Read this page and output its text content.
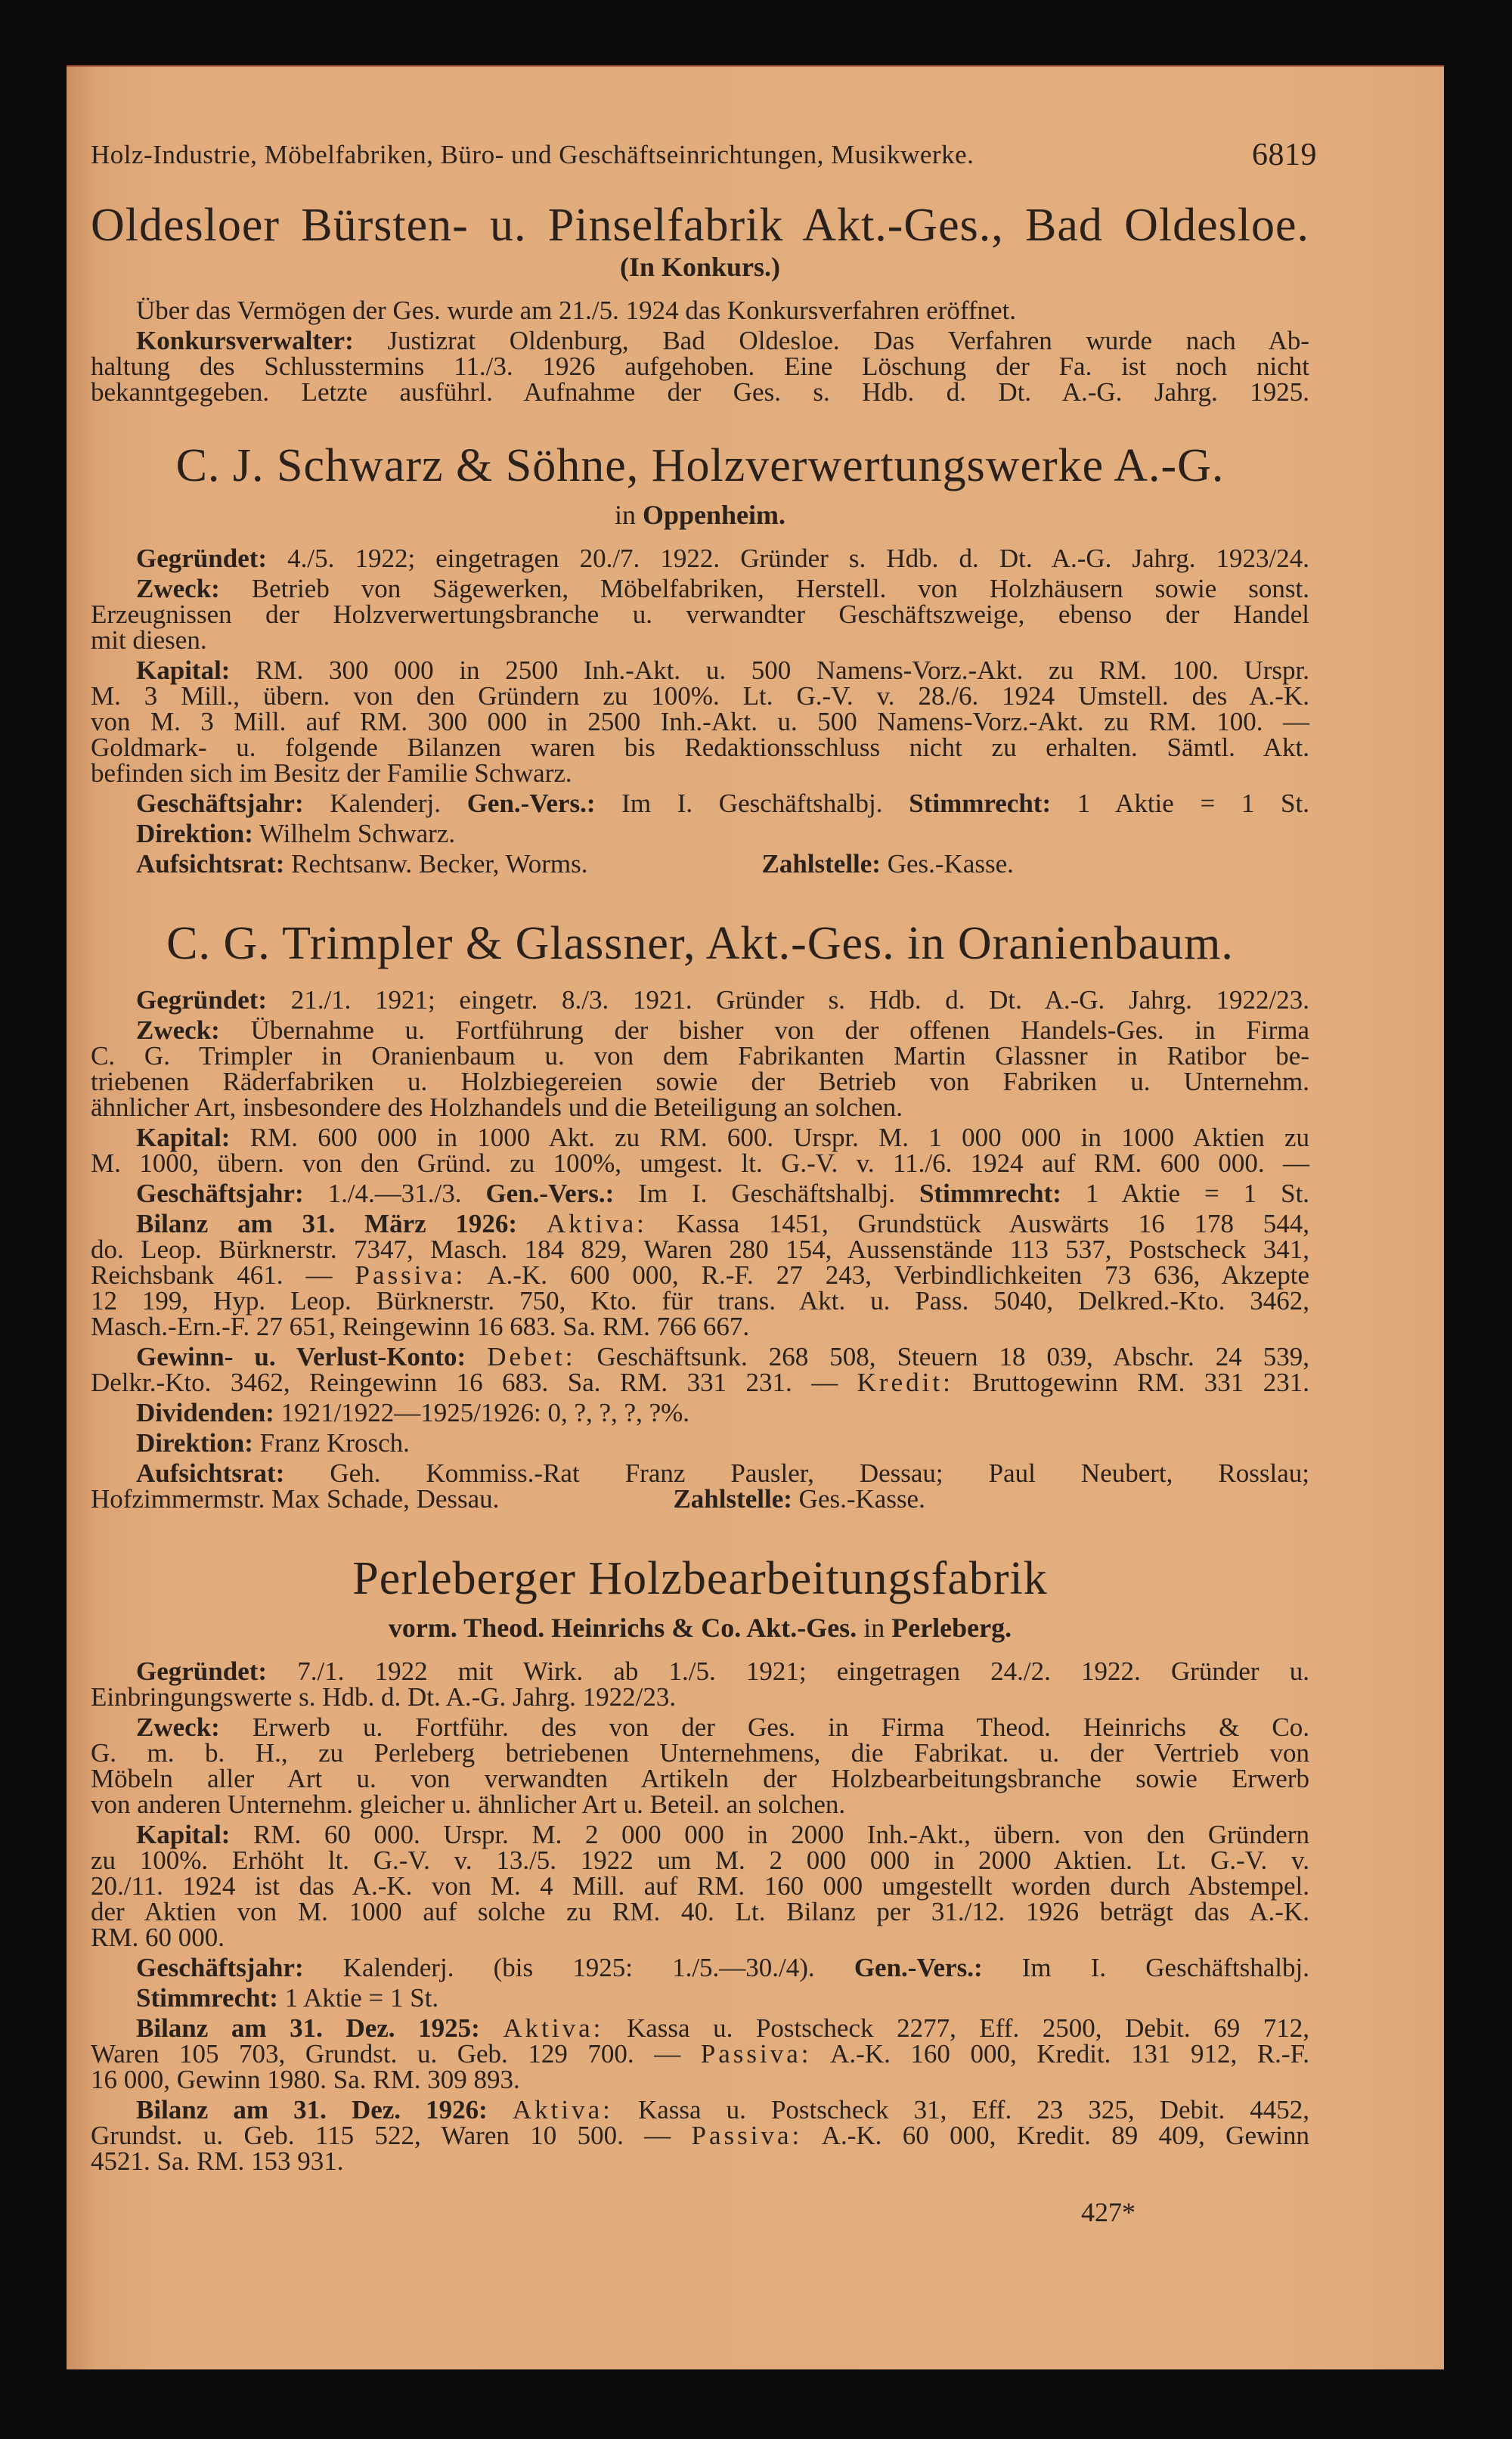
Holz-Industrie, Möbelfabriken, Büro- und Geschäftseinrichtungen, Musikwerke.	6819
Oldesloer Bürsten- u. Pinselfabrik Akt.-Ges., Bad Oldesloe.
(In Konkurs.)
Über das Vermögen der Ges. wurde am 21./5. 1924 das Konkursverfahren eröffnet.
Konkursverwalter: Justizrat Oldenburg, Bad Oldesloe. Das Verfahren wurde nach Ab-
haltung des Schlusstermins 11./3. 1926 aufgehoben. Eine Löschung der Fa. ist noch nicht
bekanntgegeben. Letzte ausführl. Aufnahme der Ges. s. Hdb. d. Dt. A.-G. Jahrg. 1925.
C. J. Schwarz & Söhne, Holzverwertungswerke A.-G.
in Oppenheim.
Gegründet: 4./5. 1922; eingetragen 20./7. 1922. Gründer s. Hdb. d. Dt. A.-G. Jahrg. 1923/24.
Zweck: Betrieb von Sägewerken, Möbelfabriken, Herstell. von Holzhäusern sowie sonst.
Erzeugnissen der Holzverwertungsbranche u. verwandter Geschäftszweige, ebenso der Handel
mit diesen.
Kapital: RM. 300 000 in 2500 Inh.-Akt. u. 500 Namens-Vorz.-Akt. zu RM. 100. Urspr.
M. 3 Mill., übern. von den Gründern zu 100%. Lt. G.-V. v. 28./6. 1924 Umstell. des A.-K.
von M. 3 Mill. auf RM. 300 000 in 2500 Inh.-Akt. u. 500 Namens-Vorz.-Akt. zu RM. 100. —
Goldmark- u. folgende Bilanzen waren bis Redaktionsschluss nicht zu erhalten. Sämtl. Akt.
befinden sich im Besitz der Familie Schwarz.
Geschäftsjahr: Kalenderj. Gen.-Vers.: Im I. Geschäftshalbj. Stimmrecht: 1 Aktie = 1 St.
Direktion: Wilhelm Schwarz.
Aufsichtsrat: Rechtsanw. Becker, Worms.	Zahlstelle: Ges.-Kasse.
C. G. Trimpler & Glassner, Akt.-Ges. in Oranienbaum.
Gegründet: 21./1. 1921; eingetr. 8./3. 1921. Gründer s. Hdb. d. Dt. A.-G. Jahrg. 1922/23.
Zweck: Übernahme u. Fortführung der bisher von der offenen Handels-Ges. in Firma
C. G. Trimpler in Oranienbaum u. von dem Fabrikanten Martin Glassner in Ratibor be-
triebenen Räderfabriken u. Holzbiegereien sowie der Betrieb von Fabriken u. Unternehm.
ähnlicher Art, insbesondere des Holzhandels und die Beteiligung an solchen.
Kapital: RM. 600 000 in 1000 Akt. zu RM. 600. Urspr. M. 1 000 000 in 1000 Aktien zu
M. 1000, übern. von den Gründ. zu 100%, umgest. lt. G.-V. v. 11./6. 1924 auf RM. 600 000. —
Geschäftsjahr: 1./4.—31./3. Gen.-Vers.: Im I. Geschäftshalbj. Stimmrecht: 1 Aktie = 1 St.
Bilanz am 31. März 1926: Aktiva: Kassa 1451, Grundstück Auswärts 16 178 544,
do. Leop. Bürknerstr. 7347, Masch. 184 829, Waren 280 154, Aussenstände 113 537, Postscheck 341,
Reichsbank 461. — Passiva: A.-K. 600 000, R.-F. 27 243, Verbindlichkeiten 73 636, Akzepte
12 199, Hyp. Leop. Bürknerstr. 750, Kto. für trans. Akt. u. Pass. 5040, Delkred.-Kto. 3462,
Masch.-Ern.-F. 27 651, Reingewinn 16 683. Sa. RM. 766 667.
Gewinn- u. Verlust-Konto: Debet: Geschäftsunk. 268 508, Steuern 18 039, Abschr. 24 539,
Delkr.-Kto. 3462, Reingewinn 16 683. Sa. RM. 331 231. — Kredit: Bruttogewinn RM. 331 231.
Dividenden: 1921/1922—1925/1926: 0, ?, ?, ?, ?%.
Direktion: Franz Krosch.
Aufsichtsrat: Geh. Kommiss.-Rat Franz Pausler, Dessau; Paul Neubert, Rosslau;
Hofzimmermstr. Max Schade, Dessau.	Zahlstelle: Ges.-Kasse.
Perleberger Holzbearbeitungsfabrik
vorm. Theod. Heinrichs & Co. Akt.-Ges. in Perleberg.
Gegründet: 7./1. 1922 mit Wirk. ab 1./5. 1921; eingetragen 24./2. 1922. Gründer u.
Einbringungswerte s. Hdb. d. Dt. A.-G. Jahrg. 1922/23.
Zweck: Erwerb u. Fortführ. des von der Ges. in Firma Theod. Heinrichs & Co.
G. m. b. H., zu Perleberg betriebenen Unternehmens, die Fabrikat. u. der Vertrieb von
Möbeln aller Art u. von verwandten Artikeln der Holzbearbeitungsbranche sowie Erwerb
von anderen Unternehm. gleicher u. ähnlicher Art u. Beteil. an solchen.
Kapital: RM. 60 000. Urspr. M. 2 000 000 in 2000 Inh.-Akt., übern. von den Gründern
zu 100%. Erhöht lt. G.-V. v. 13./5. 1922 um M. 2 000 000 in 2000 Aktien. Lt. G.-V. v.
20./11. 1924 ist das A.-K. von M. 4 Mill. auf RM. 160 000 umgestellt worden durch Abstempel.
der Aktien von M. 1000 auf solche zu RM. 40. Lt. Bilanz per 31./12. 1926 beträgt das A.-K.
RM. 60 000.
Geschäftsjahr: Kalenderj. (bis 1925: 1./5.—30./4). Gen.-Vers.: Im I. Geschäftshalbj.
Stimmrecht: 1 Aktie = 1 St.
Bilanz am 31. Dez. 1925: Aktiva: Kassa u. Postscheck 2277, Eff. 2500, Debit. 69 712,
Waren 105 703, Grundst. u. Geb. 129 700. — Passiva: A.-K. 160 000, Kredit. 131 912, R.-F.
16 000, Gewinn 1980. Sa. RM. 309 893.
Bilanz am 31. Dez. 1926: Aktiva: Kassa u. Postscheck 31, Eff. 23 325, Debit. 4452,
Grundst. u. Geb. 115 522, Waren 10 500. — Passiva: A.-K. 60 000, Kredit. 89 409, Gewinn
4521. Sa. RM. 153 931.
427*
